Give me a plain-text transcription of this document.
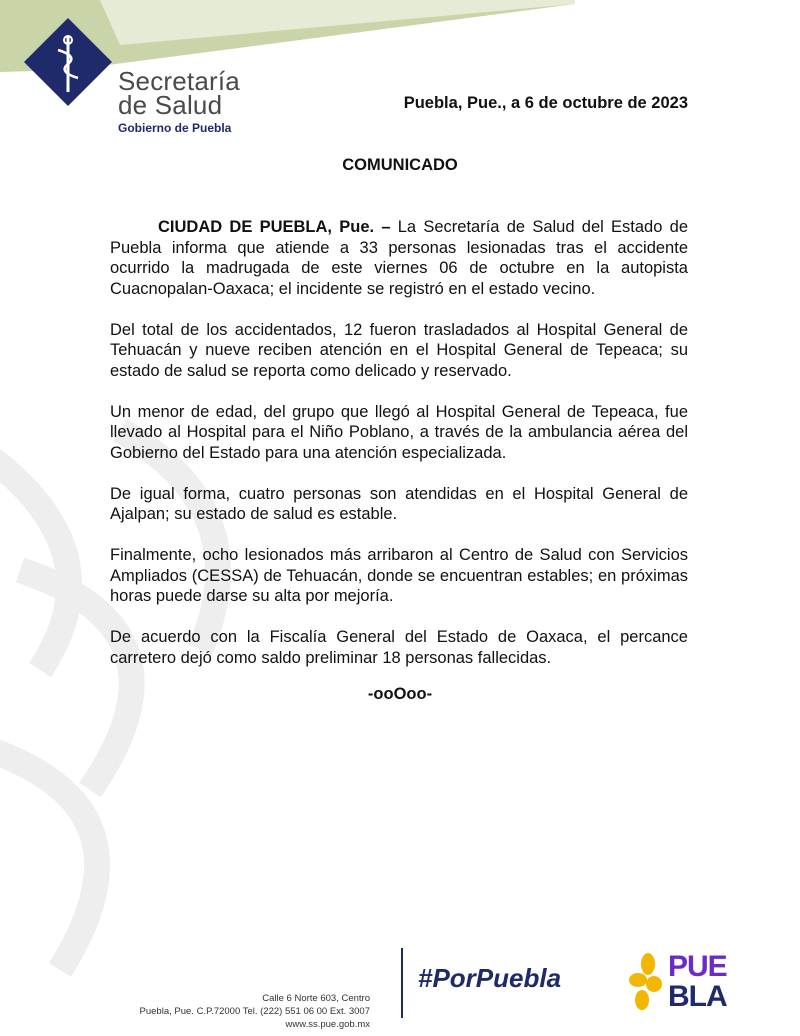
Secretaría
de Salud
Gobierno de Puebla
Puebla, Pue., a 6 de octubre de 2023
COMUNICADO

CIUDAD DE PUEBLA, Pue. – La Secretaría de Salud del Estado de Puebla informa que atiende a 33 personas lesionadas tras el accidente ocurrido la madrugada de este viernes 06 de octubre en la autopista Cuacnopalan-Oaxaca; el incidente se registró en el estado vecino.

Del total de los accidentados, 12 fueron trasladados al Hospital General de Tehuacán y nueve reciben atención en el Hospital General de Tepeaca; su estado de salud se reporta como delicado y reservado.

Un menor de edad, del grupo que llegó al Hospital General de Tepeaca, fue llevado al Hospital para el Niño Poblano, a través de la ambulancia aérea del Gobierno del Estado para una atención especializada.

De igual forma, cuatro personas son atendidas en el Hospital General de Ajalpan; su estado de salud es estable.

Finalmente, ocho lesionados más arribaron al Centro de Salud con Servicios Ampliados (CESSA) de Tehuacán, donde se encuentran estables; en próximas horas puede darse su alta por mejoría.

De acuerdo con la Fiscalía General del Estado de Oaxaca, el percance carretero dejó como saldo preliminar 18 personas fallecidas.

-ooOoo-
Calle 6 Norte 603, Centro
Puebla, Pue. C.P.72000 Tel. (222) 551 06 00 Ext. 3007
www.ss.pue.gob.mx
#PorPuebla	PUE
BLA
